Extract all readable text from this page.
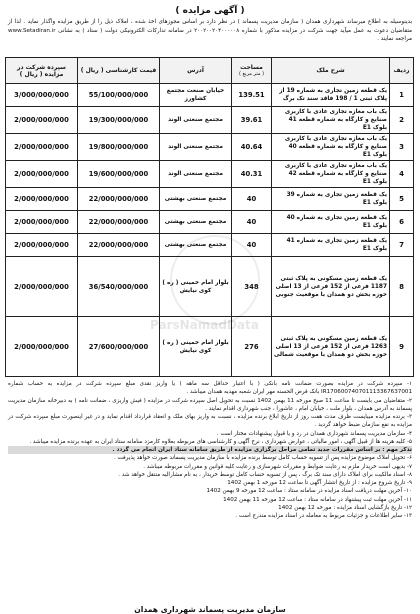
ParsNamadData
( آگهی مزایده )
بدینوسیله به اطلاع میرساند شهرداری همدان ( سازمان مدیریت پسماند ) در نظر دارد بر اساس مجوزهای اخذ شده ، املاک ذیل را از طریق مزایده واگذار نماید . لذا از متقاضیان دعوت به عمل میآید جهت شرکت در مزایده مذکور با شماره ۲۰۰۲۰۰۲۰۴۰۰۰۰۰۸ در سامانه تدارکات الکترونیکی دولت ( ستاد ) به نشانی www.Setadiran.ir مراجعه نمایند .
ردیف	شرح ملک	مساحت
( متر مربع )	آدرس	قیمت کارشناسی ( ریال )	سپرده شرکت در مزایده ( ریال )
1	یک قطعه زمین تجاری به شماره 19 از پلاک ثبتی 1 / 198 فاقد سند تک برگ	139.51	خیابان صنعت مجتمع کشاورز	55/100/000/000	3/000/000/000
2	یک باب مغازه تجاری عادی با کاربری صنایع و کارگاه به شماره قطعه 41 بلوک E1	39.61	مجتمع صنعتی الوند	19/300/000/000	2/000/000/000
3	یک باب مغازه تجاری عادی با کاربری صنایع و کارگاه به شماره قطعه 40 بلوک E1	40.64	مجتمع صنعتی الوند	19/800/000/000	2/000/000/000
4	یک باب مغازه تجاری عادی با کاربری صنایع و کارگاه به شماره قطعه 42 بلوک E1	40.31	مجتمع صنعتی الوند	19/600/000/000	2/000/000/000
5	یک قطعه زمین تجاری به شماره 39 بلوک E1	40	مجتمع صنعتی بهشتی	22/000/000/000	2/000/000/000
6	یک قطعه زمین تجاری به شماره 40 بلوک E1	40	مجتمع صنعتی بهشتی	22/000/000/000	2/000/000/000
7	یک قطعه زمین تجاری به شماره 41 بلوک E1	40	مجتمع صنعتی بهشتی	22/000/000/000	2/000/000/000
8	یک قطعه زمین مسکونی به پلاک ثبتی 1187 فرعی از 152 فرعی از 13 اصلی حوزه بخش دو همدان با موقعیت جنوبی	348	بلوار امام خمینی ( ره ) کوی نیایش	36/540/000/000	2/000/000/000
9	یک قطعه زمین مسکونی به پلاک ثبتی 1263 فرعی از 152 فرعی از 13 اصلی حوزه بخش دو همدان با موقعیت شمالی	276	بلوار امام خمینی ( ره ) کوی نیایش	27/600/000/000	2/000/000/000

۱- سپرده شرکت در مزایده بصورت ضمانت نامه بانکی ( با اعتبار حداقل سه ماهه ) یا واریز نقدی مبلغ سپرده شرکت در مزایده به حساب شماره IR170600740701113367637001 بانک قرض الحسنه مهر ایران شعبه مهدیه همدان میباشد .

۲- متقاضیان می بایست تا ساعت 11 صبح مورخه 11 بهمن 1402 نسبت به تحویل اصل سپرده شرکت در مزایده ( فیش واریزی ، ضمانت نامه ) به دبیرخانه سازمان مدیریت پسماند به آدرس همدان ، بلوار ملت ، خیابان امام ، عاشورا ، جنب شهرداری اقدام نمایند .

۳- برنده مزایده میبایست ظرف مدت هفت روز از تاریخ ابلاغ برنده مزایده ، نسبت به واریز بهای ملک و انعقاد قرارداد اقدام نماید و در غیر اینصورت مبلغ سپرده شرکت در مزایده به نفع سازمان ضبط خواهد گردید .

۴- سازمان مدیریت پسماند شهرداری همدان در رد و یا قبول پیشنهادات مختار است .

۵- کلیه هزینه ها از قبیل آگهی ، امور مالیاتی ، عوارض شهرداری ، نرخ آگهی و کارشناسی های مربوطه بعلاوه کارمزد سامانه ستاد ایران به عهده برنده مزایده میباشد .

تذکر مهم : بر اساس مقررات جدید تمامی مراحل برگزاری مزایده از طریق سامانه ستاد ایران انجام می گردد .

۶- تحویل املاک موضوع مزایده پس از تسویه حساب کامل توسط برنده مزایده با سازمان مدیریت پسماند صورت خواهد پذیرفت .

۷- بدیهی است خریدار ملزم به رعایت ضوابط و مقررات شهرسازی و رعایت کلیه قوانین و مقررات مربوطه میباشد .

۸- اسناد مالکیت برای املاک دارای سند تک برگ ، پس از تسویه حساب کامل توسط خریدار ، به نام مشارالیه منتقل خواهد شد .

۹- تاریخ شروع مزایده : از تاریخ انتشار آگهی تا ساعت 12 مورخه 1 بهمن 1402

۱۰- آخرین مهلت دریافت اسناد مزایده در سامانه ستاد : ساعت 12 مورخه 9 بهمن 1402

۱۱- آخرین مهلت ثبت پیشنهاد در سامانه ستاد : ساعت 12 مورخه 11 بهمن 1402

۱۲- تاریخ بازگشایی اسناد مزایده : مورخه 12 بهمن 1402

۱۳- سایر اطلاعات و جزئیات مربوط به معامله در اسناد مزایده مندرج است .

سازمان مدیریت پسماند شهرداری همدان
